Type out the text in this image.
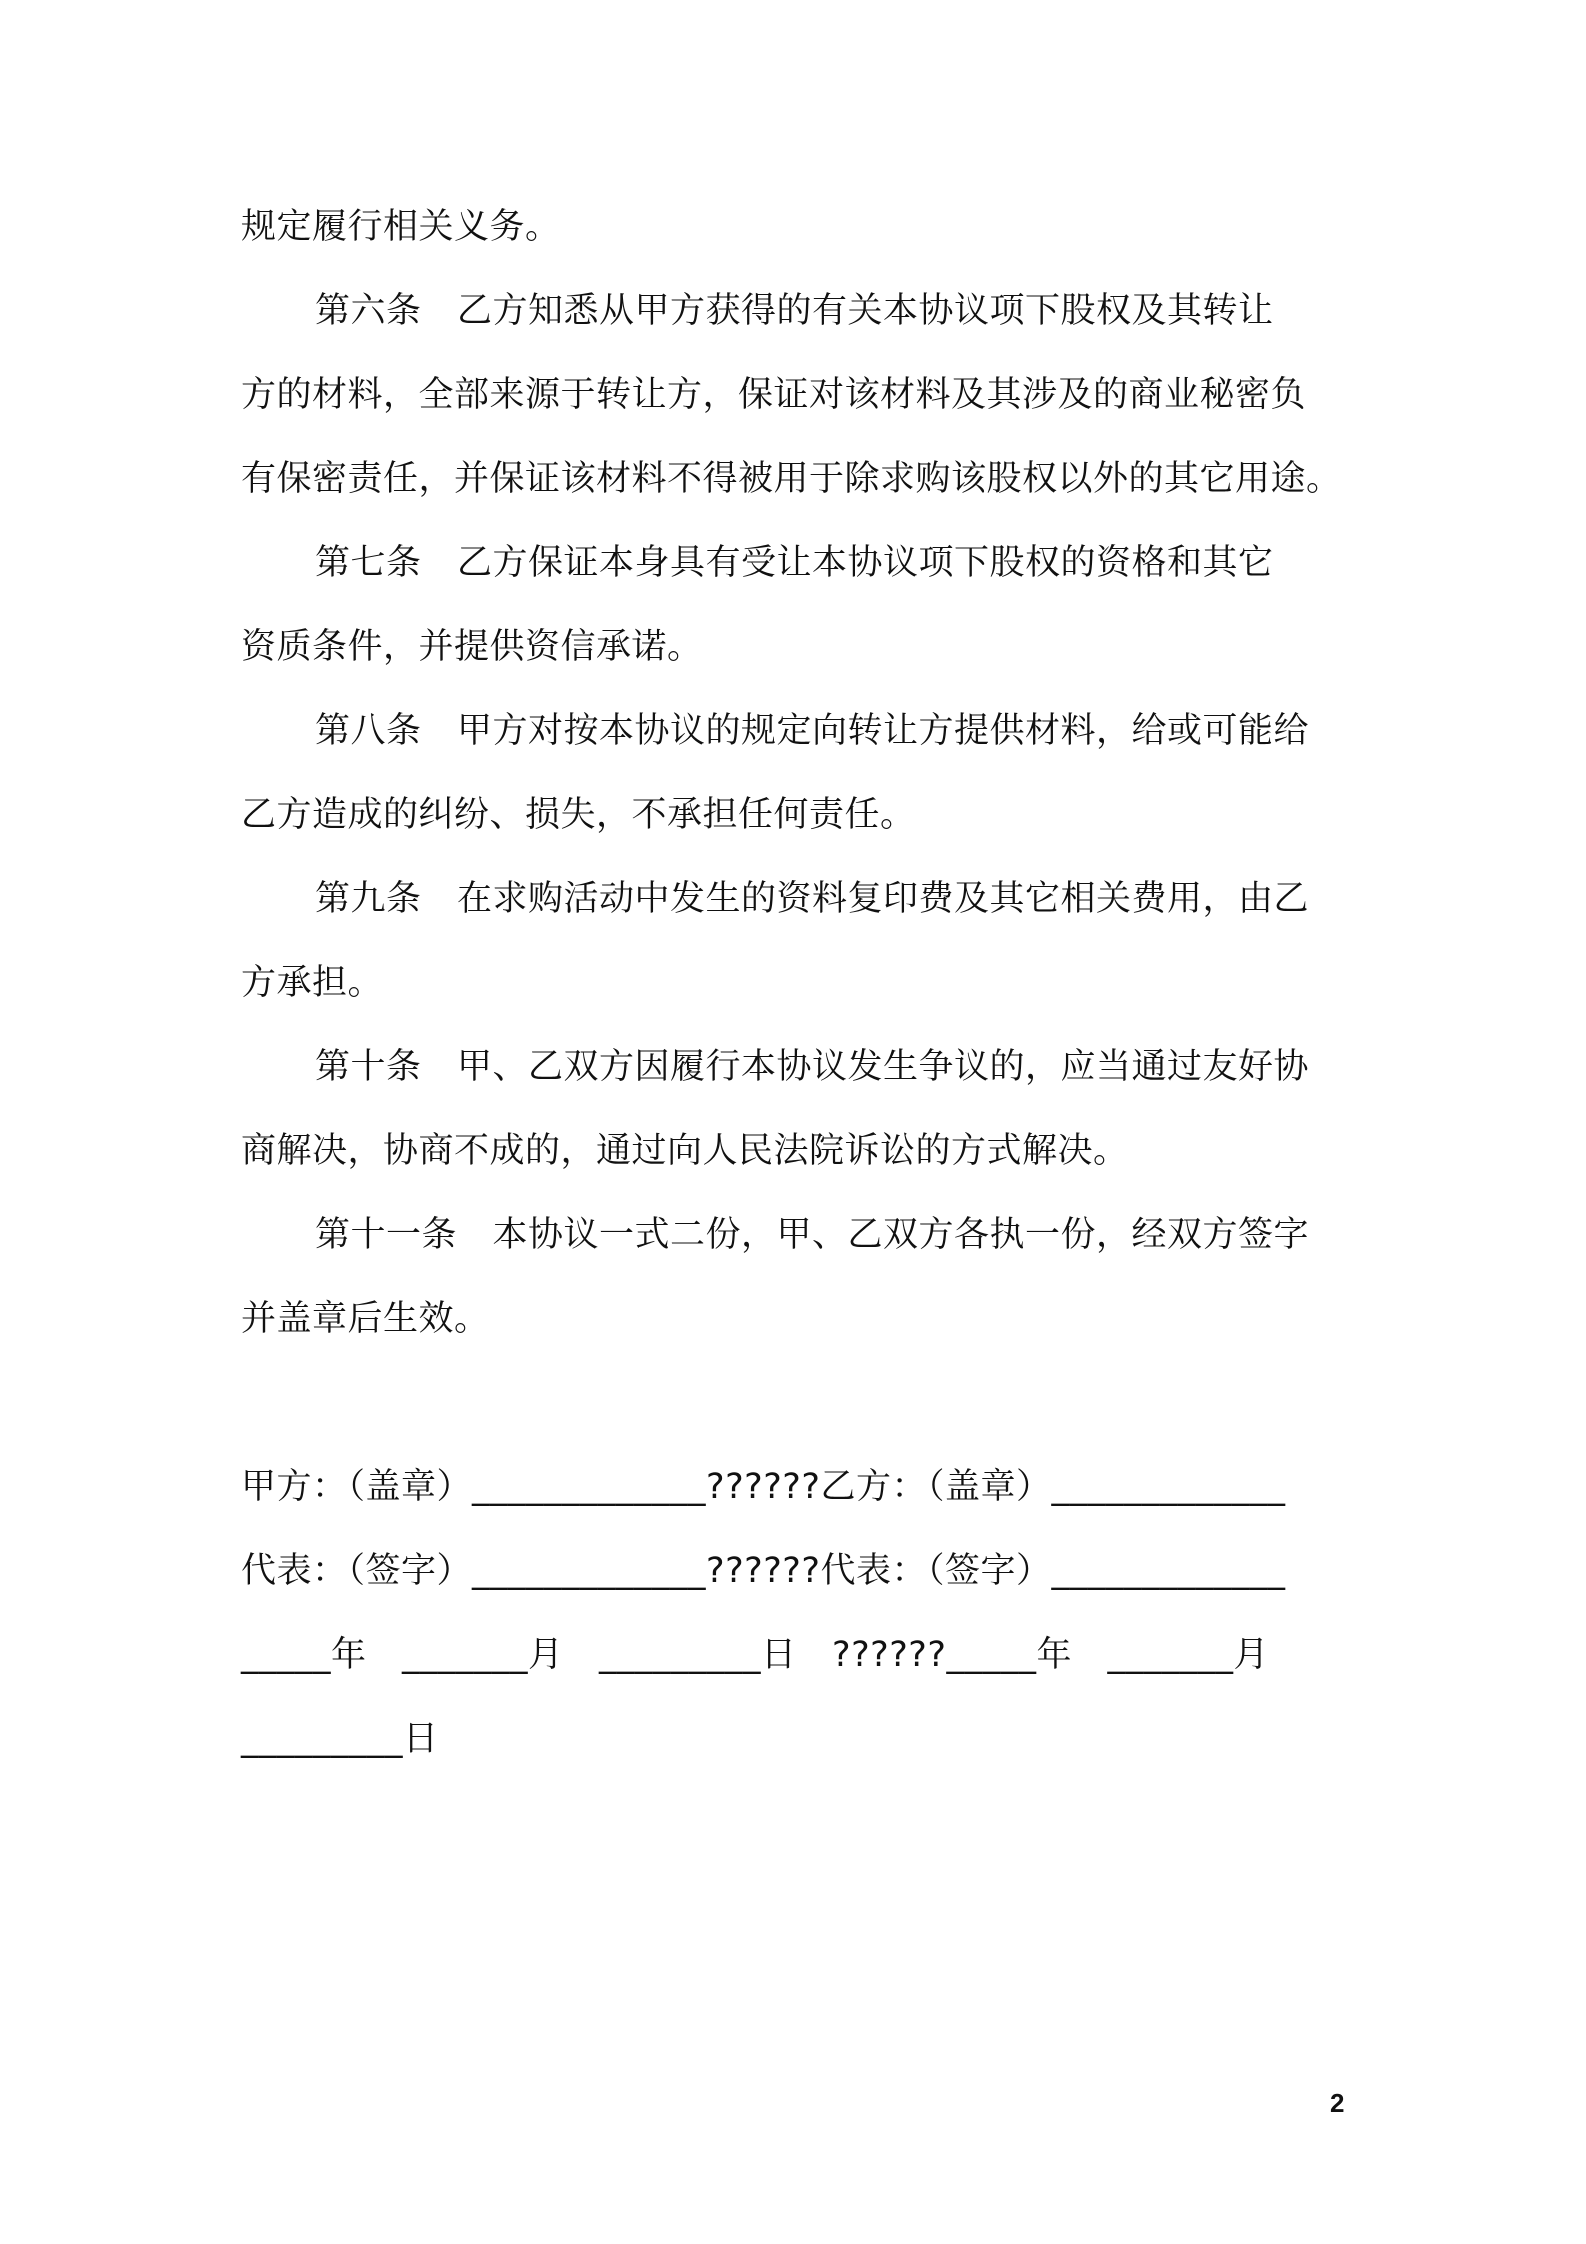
规定履行相关义务。
第六条　乙方知悉从甲方获得的有关本协议项下股权及其转让
方的材料，全部来源于转让方，保证对该材料及其涉及的商业秘密负
有保密责任，并保证该材料不得被用于除求购该股权以外的其它用途。
第七条　乙方保证本身具有受让本协议项下股权的资格和其它
资质条件，并提供资信承诺。
第八条　甲方对按本协议的规定向转让方提供材料，给或可能给
乙方造成的纠纷、损失，不承担任何责任。
第九条　在求购活动中发生的资料复印费及其它相关费用，由乙
方承担。
第十条　甲、乙双方因履行本协议发生争议的，应当通过友好协
商解决，协商不成的，通过向人民法院诉讼的方式解决。
第十一条　本协议一式二份，甲、乙双方各执一份，经双方签字
并盖章后生效。
甲方：（盖章）_____________??????乙方：（盖章）_____________
代表：（签字）_____________??????代表：（签字）_____________
_____年　_______月　_________日　??????_____年　_______月
_________日
2
